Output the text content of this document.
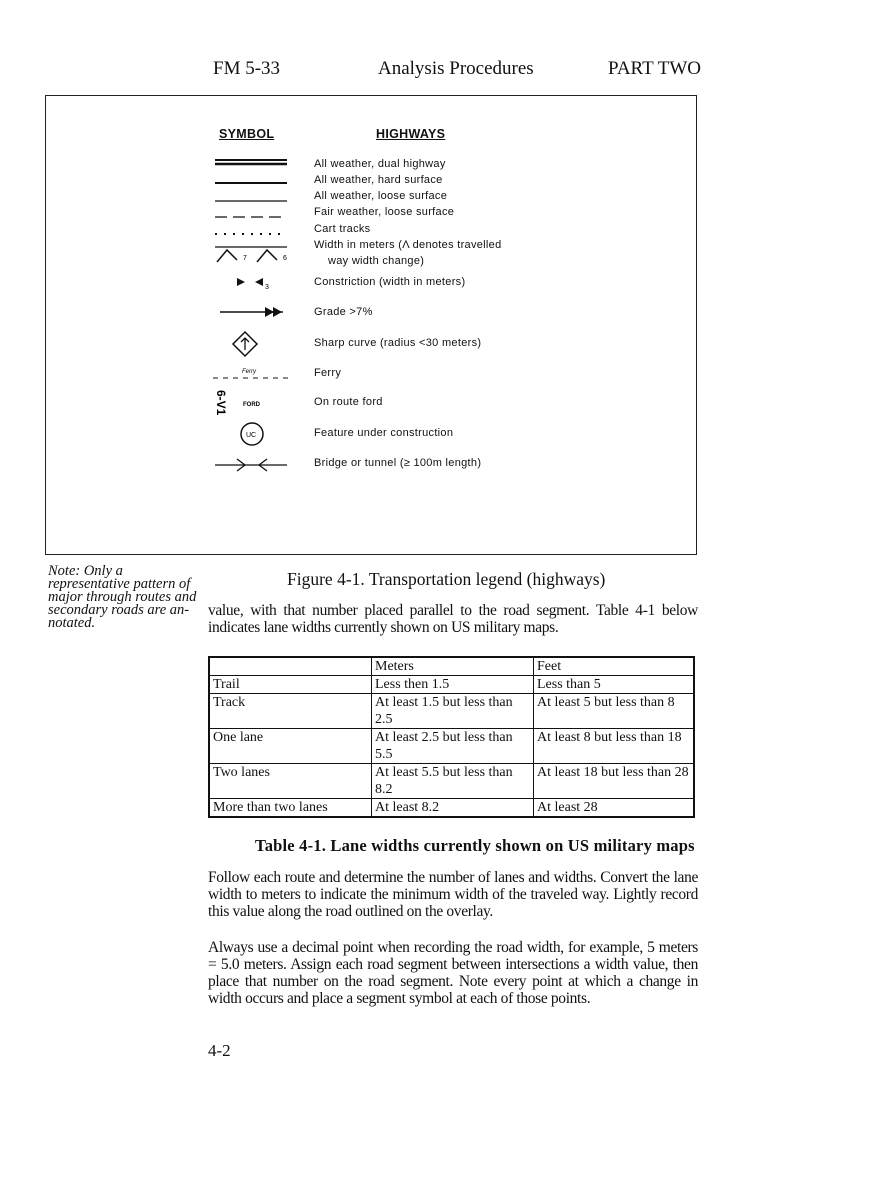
FM 5-33	Analysis Procedures	PART TWO
SYMBOL	HIGHWAYS
7	6
3
Ferry
6-V1	FORD
UC
All weather, dual highway
All weather, hard surface
All weather, loose surface
Fair weather, loose surface
Cart tracks
Width in meters (Λ denotes travelled
way width change)
Constriction (width in meters)
Grade >7%
Sharp curve (radius <30 meters)
Ferry
On route ford
Feature under construction
Bridge or tunnel (≥ 100m length)
Note: Only a representative pattern of major through routes and secondary roads are an-notated.
Figure 4-1. Transportation legend (highways)
value, with that number placed parallel to the road segment. Table 4-1 below indicates lane widths currently shown on US military maps.
	Meters	Feet
Trail	Less then 1.5	Less than 5
Track	At least 1.5 but less than 2.5	At least 5 but less than 8
One lane	At least 2.5 but less than 5.5	At least 8 but less than 18
Two lanes	At least 5.5 but less than 8.2	At least 18 but less than 28
More than two lanes	At least 8.2	At least 28
Table 4-1. Lane widths currently shown on US military maps
Follow each route and determine the number of lanes and widths. Convert the lane width to meters to indicate the minimum width of the traveled way. Lightly record this value along the road outlined on the overlay.
Always use a decimal point when recording the road width, for example, 5 meters = 5.0 meters. Assign each road segment between intersections a width value, then place that number on the road segment. Note every point at which a change in width occurs and place a segment symbol at each of those points.
4-2
